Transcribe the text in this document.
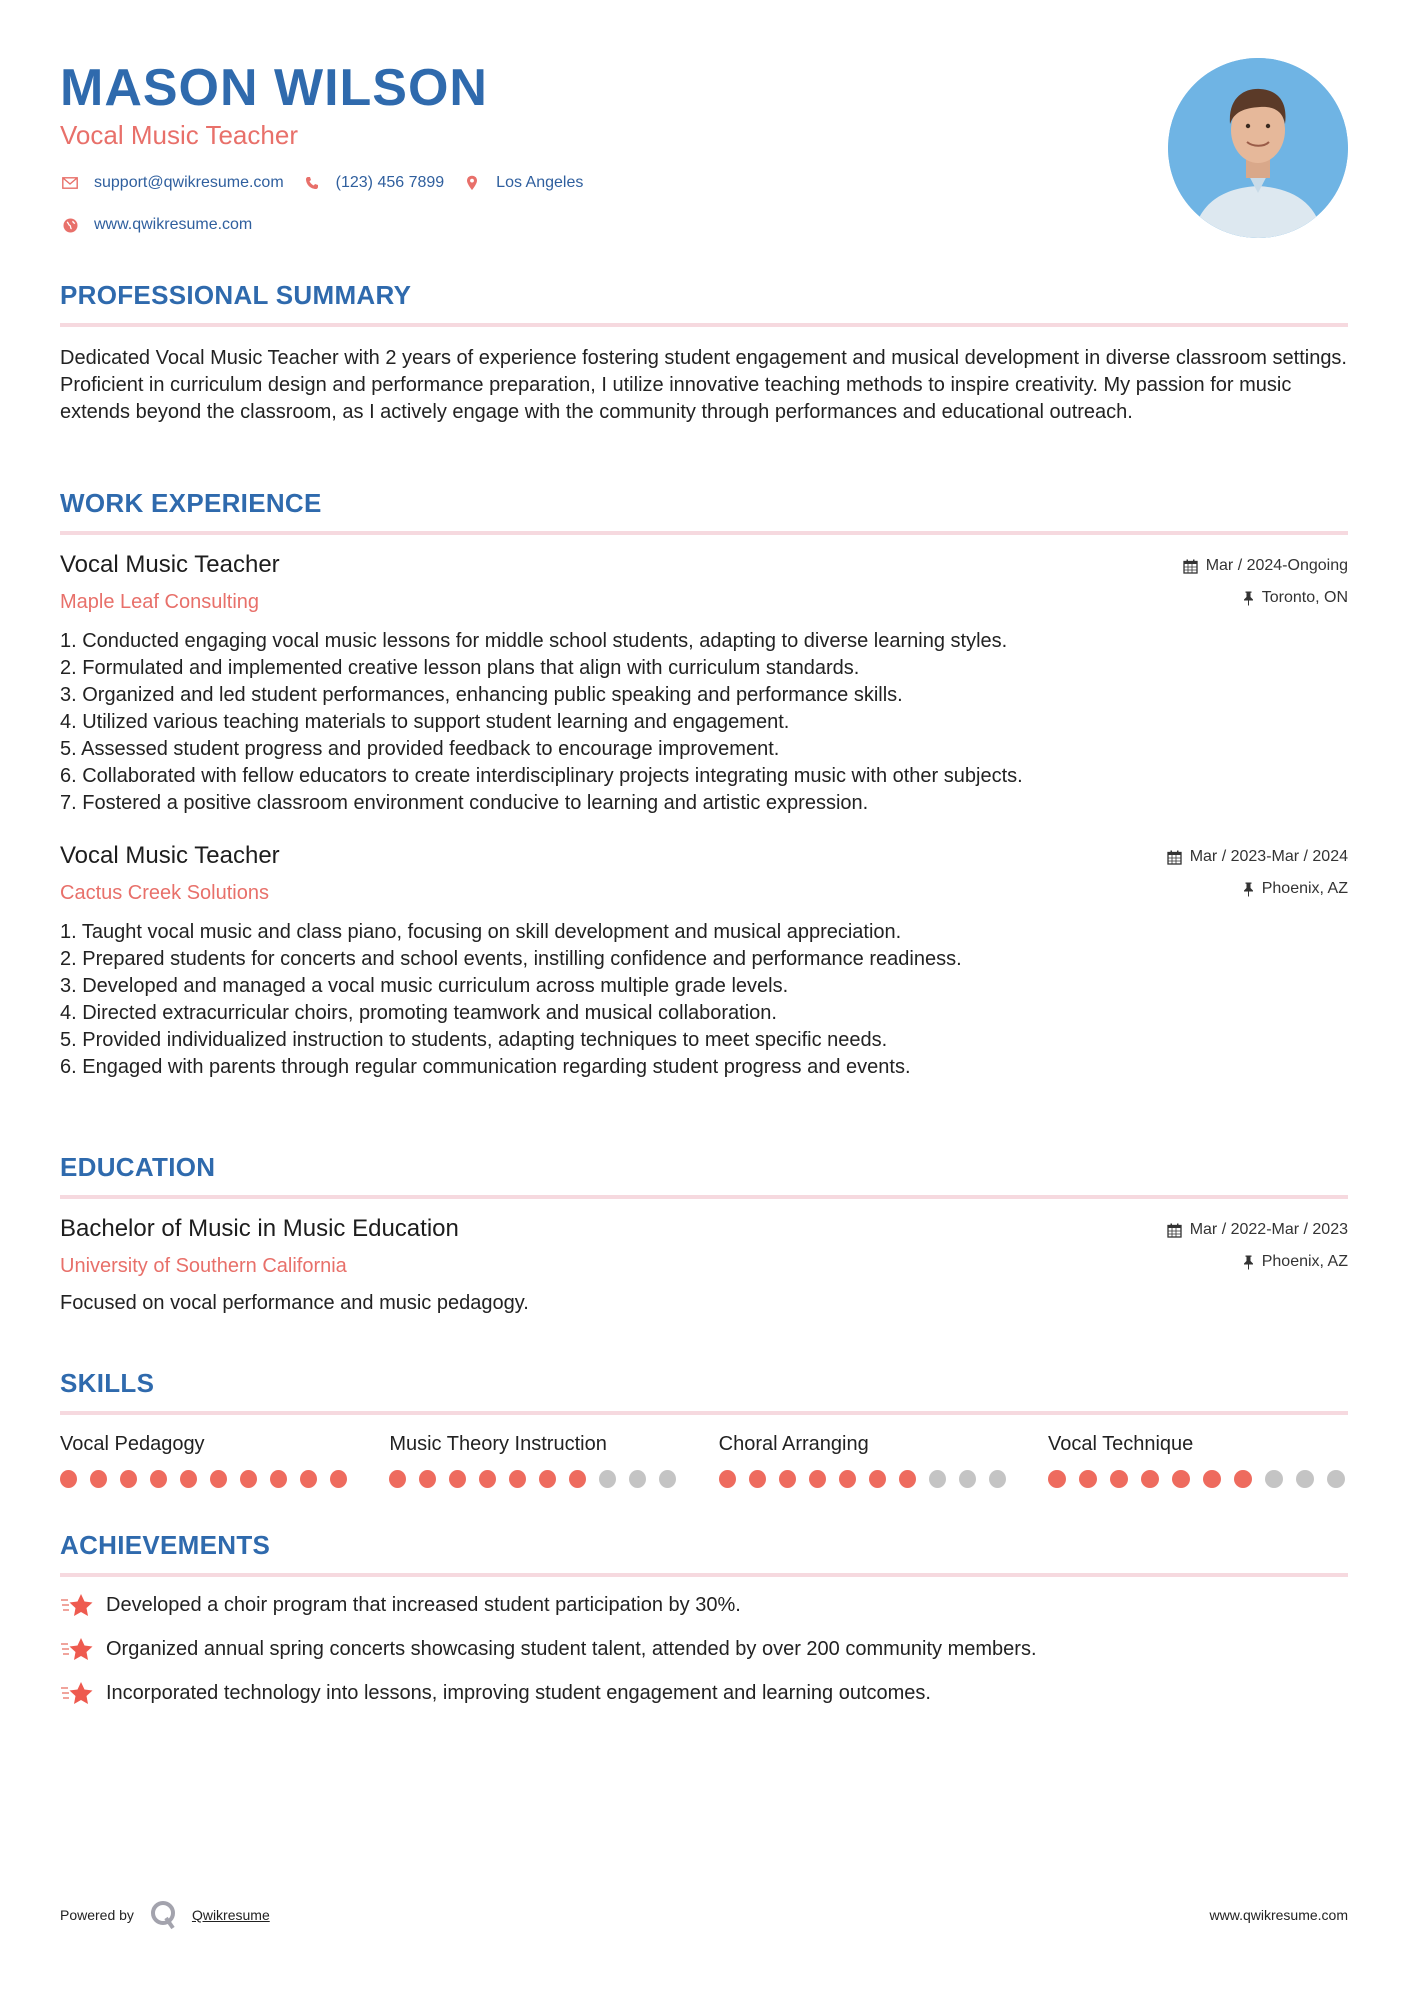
MASON WILSON
Vocal Music Teacher
support@qwikresume.com	(123) 456 7899	Los Angeles
www.qwikresume.com
PROFESSIONAL SUMMARY
Dedicated Vocal Music Teacher with 2 years of experience fostering student engagement and musical development in diverse classroom settings. Proficient in curriculum design and performance preparation, I utilize innovative teaching methods to inspire creativity. My passion for music extends beyond the classroom, as I actively engage with the community through performances and educational outreach.
WORK EXPERIENCE
Vocal Music Teacher
Maple Leaf Consulting
Mar / 2024-Ongoing
Toronto, ON
1. Conducted engaging vocal music lessons for middle school students, adapting to diverse learning styles.
2. Formulated and implemented creative lesson plans that align with curriculum standards.
3. Organized and led student performances, enhancing public speaking and performance skills.
4. Utilized various teaching materials to support student learning and engagement.
5. Assessed student progress and provided feedback to encourage improvement.
6. Collaborated with fellow educators to create interdisciplinary projects integrating music with other subjects.
7. Fostered a positive classroom environment conducive to learning and artistic expression.
Vocal Music Teacher
Cactus Creek Solutions
Mar / 2023-Mar / 2024
Phoenix, AZ
1. Taught vocal music and class piano, focusing on skill development and musical appreciation.
2. Prepared students for concerts and school events, instilling confidence and performance readiness.
3. Developed and managed a vocal music curriculum across multiple grade levels.
4. Directed extracurricular choirs, promoting teamwork and musical collaboration.
5. Provided individualized instruction to students, adapting techniques to meet specific needs.
6. Engaged with parents through regular communication regarding student progress and events.
EDUCATION
Bachelor of Music in Music Education
University of Southern California
Mar / 2022-Mar / 2023
Phoenix, AZ
Focused on vocal performance and music pedagogy.
SKILLS
Vocal Pedagogy	Music Theory Instruction	Choral Arranging	Vocal Technique
ACHIEVEMENTS
Developed a choir program that increased student participation by 30%.
Organized annual spring concerts showcasing student talent, attended by over 200 community members.
Incorporated technology into lessons, improving student engagement and learning outcomes.
Powered by	Qwikresume	www.qwikresume.com
